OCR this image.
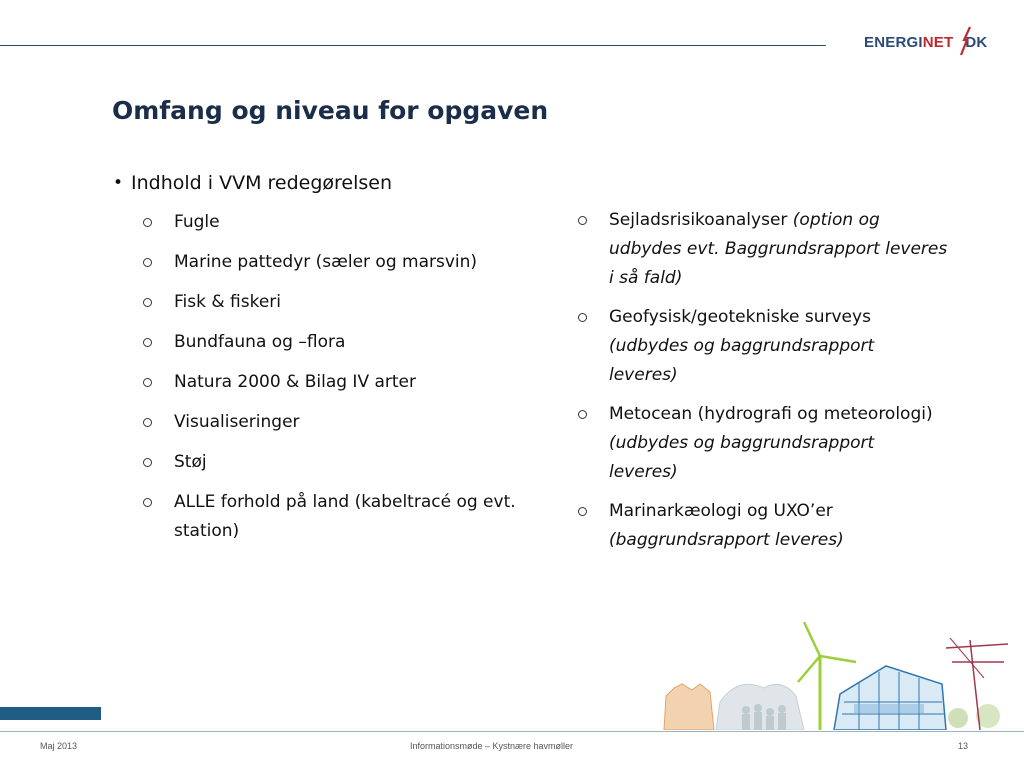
ENERGINET DK
Omfang og niveau for opgaven
• Indhold i VVM redegørelsen
Fugle
Marine pattedyr (sæler og marsvin)
Fisk & fiskeri
Bundfauna og –flora
Natura 2000 & Bilag IV arter
Visualiseringer
Støj
ALLE forhold på land (kabeltracé og evt. station)
Sejladsrisikoanalyser (option og udbydes evt. Baggrundsrapport leveres i så fald)
Geofysisk/geotekniske surveys (udbydes og baggrundsrapport leveres)
Metocean (hydrografi og meteorologi) (udbydes og baggrundsrapport leveres)
Marinarkæologi og UXO’er (baggrundsrapport leveres)
Maj 2013	Informationsmøde – Kystnære havmøller	13
